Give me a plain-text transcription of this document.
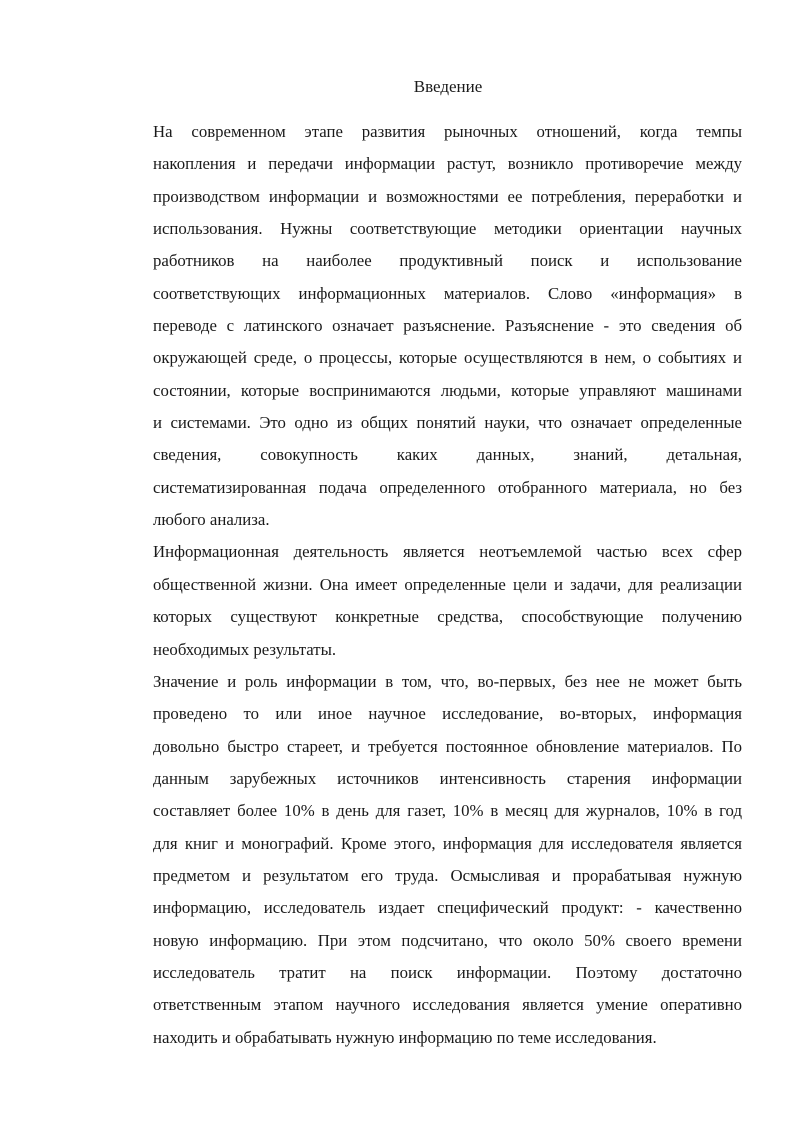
Введение

На современном этапе развития рыночных отношений, когда темпы
накопления и передачи информации растут, возникло противоречие между
производством информации и возможностями ее потребления, переработки и
использования. Нужны соответствующие методики ориентации научных
работников на наиболее продуктивный поиск и использование
соответствующих информационных материалов. Слово «информация» в
переводе с латинского означает разъяснение. Разъяснение - это сведения об
окружающей среде, о процессы, которые осуществляются в нем, о событиях и
состоянии, которые воспринимаются людьми, которые управляют машинами
и системами. Это одно из общих понятий науки, что означает определенные
сведения, совокупность каких данных, знаний, детальная,
систематизированная подача определенного отобранного материала, но без
любого анализа.

Информационная деятельность является неотъемлемой частью всех сфер
общественной жизни. Она имеет определенные цели и задачи, для реализации
которых существуют конкретные средства, способствующие получению
необходимых результаты.

Значение и роль информации в том, что, во-первых, без нее не может быть
проведено то или иное научное исследование, во-вторых, информация
довольно быстро стареет, и требуется постоянное обновление материалов. По
данным зарубежных источников интенсивность старения информации
составляет более 10% в день для газет, 10% в месяц для журналов, 10% в год
для книг и монографий. Кроме этого, информация для исследователя является
предметом и результатом его труда. Осмысливая и прорабатывая нужную
информацию, исследователь издает специфический продукт: - качественно
новую информацию. При этом подсчитано, что около 50% своего времени
исследователь тратит на поиск информации. Поэтому достаточно
ответственным этапом научного исследования является умение оперативно
находить и обрабатывать нужную информацию по теме исследования.
